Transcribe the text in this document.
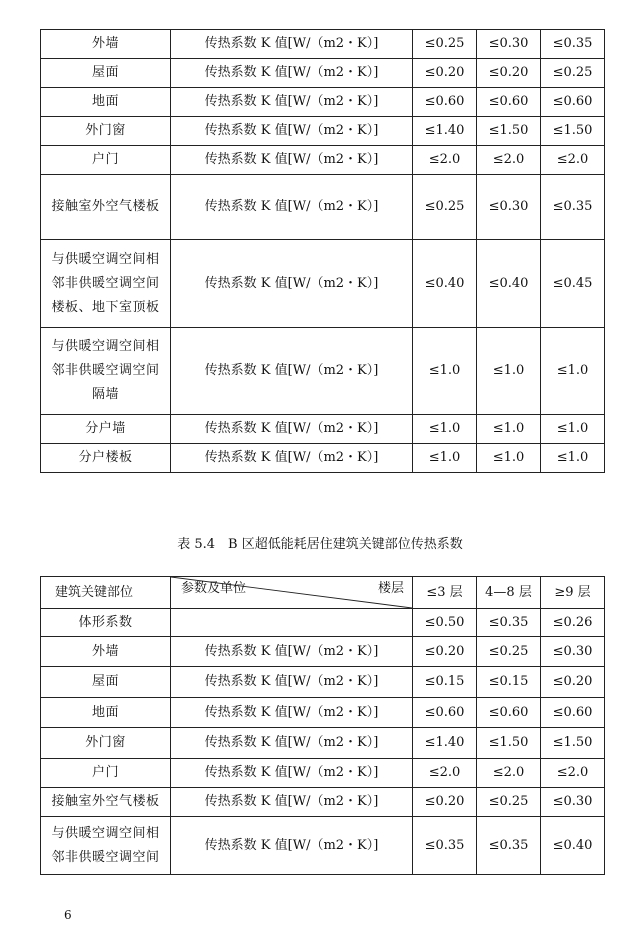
外墙	传热系数 K 值[W/（m2・K）]	≤0.25	≤0.30	≤0.35
屋面	传热系数 K 值[W/（m2・K）]	≤0.20	≤0.20	≤0.25
地面	传热系数 K 值[W/（m2・K）]	≤0.60	≤0.60	≤0.60
外门窗	传热系数 K 值[W/（m2・K）]	≤1.40	≤1.50	≤1.50
户门	传热系数 K 值[W/（m2・K）]	≤2.0	≤2.0	≤2.0
接触室外空气楼板	传热系数 K 值[W/（m2・K）]	≤0.25	≤0.30	≤0.35

与供暖空调空间相
邻非供暖空调空间
楼板、地下室顶板	传热系数 K 值[W/（m2・K）]	≤0.40	≤0.40	≤0.45

与供暖空调空间相
邻非供暖空调空间
隔墙	传热系数 K 值[W/（m2・K）]	≤1.0	≤1.0	≤1.0
分户墙	传热系数 K 值[W/（m2・K）]	≤1.0	≤1.0	≤1.0
分户楼板	传热系数 K 值[W/（m2・K）]	≤1.0	≤1.0	≤1.0
表 5.4　B 区超低能耗居住建筑关键部位传热系数
建筑关键部位	参数及单位 楼层	≤3 层	4—8 层	≥9 层
体形系数		≤0.50	≤0.35	≤0.26
外墙	传热系数 K 值[W/（m2・K）]	≤0.20	≤0.25	≤0.30
屋面	传热系数 K 值[W/（m2・K）]	≤0.15	≤0.15	≤0.20
地面	传热系数 K 值[W/（m2・K）]	≤0.60	≤0.60	≤0.60
外门窗	传热系数 K 值[W/（m2・K）]	≤1.40	≤1.50	≤1.50
户门	传热系数 K 值[W/（m2・K）]	≤2.0	≤2.0	≤2.0
接触室外空气楼板	传热系数 K 值[W/（m2・K）]	≤0.20	≤0.25	≤0.30

与供暖空调空间相
邻非供暖空调空间	传热系数 K 值[W/（m2・K）]	≤0.35	≤0.35	≤0.40
6
